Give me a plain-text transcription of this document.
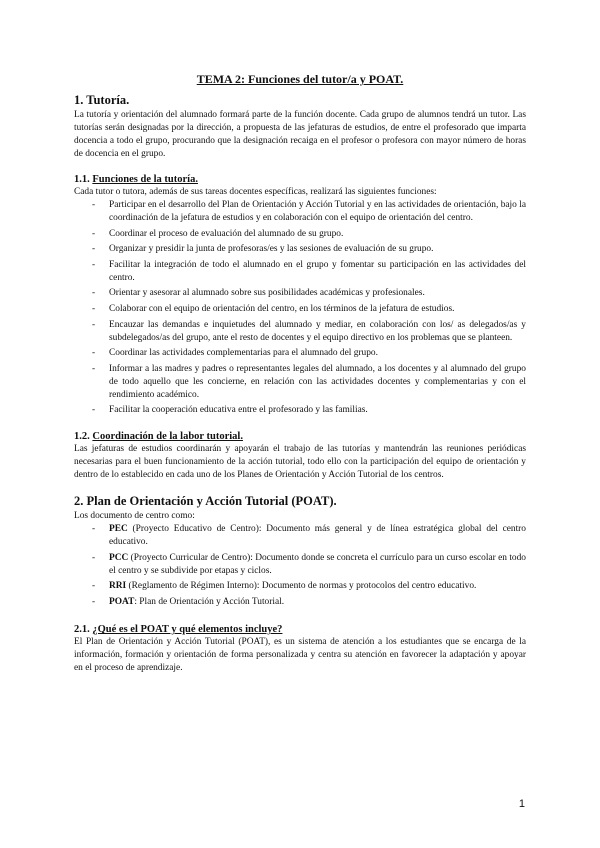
TEMA 2: Funciones del tutor/a y POAT.
1. Tutoría.

La tutoría y orientación del alumnado formará parte de la función docente. Cada grupo de alumnos tendrá un tutor. Las tutorías serán designadas por la dirección, a propuesta de las jefaturas de estudios, de entre el profesorado que imparta docencia a todo el grupo, procurando que la designación recaiga en el profesor o profesora con mayor número de horas de docencia en el grupo.

1.1. Funciones de la tutoría.

Cada tutor o tutora, además de sus tareas docentes específicas, realizará las siguientes funciones:

- Participar en el desarrollo del Plan de Orientación y Acción Tutorial y en las actividades de orientación, bajo la coordinación de la jefatura de estudios y en colaboración con el equipo de orientación del centro.
- Coordinar el proceso de evaluación del alumnado de su grupo.
- Organizar y presidir la junta de profesoras/es y las sesiones de evaluación de su grupo.
- Facilitar la integración de todo el alumnado en el grupo y fomentar su participación en las actividades del centro.
- Orientar y asesorar al alumnado sobre sus posibilidades académicas y profesionales.
- Colaborar con el equipo de orientación del centro, en los términos de la jefatura de estudios.
- Encauzar las demandas e inquietudes del alumnado y mediar, en colaboración con los/ as delegados/as y subdelegados/as del grupo, ante el resto de docentes y el equipo directivo en los problemas que se planteen.
- Coordinar las actividades complementarias para el alumnado del grupo.
- Informar a las madres y padres o representantes legales del alumnado, a los docentes y al alumnado del grupo de todo aquello que les concierne, en relación con las actividades docentes y complementarias y con el rendimiento académico.
- Facilitar la cooperación educativa entre el profesorado y las familias.
1.2. Coordinación de la labor tutorial.

Las jefaturas de estudios coordinarán y apoyarán el trabajo de las tutorías y mantendrán las reuniones periódicas necesarias para el buen funcionamiento de la acción tutorial, todo ello con la participación del equipo de orientación y dentro de lo establecido en cada uno de los Planes de Orientación y Acción Tutorial de los centros.

2. Plan de Orientación y Acción Tutorial (POAT).

Los documento de centro como:

- PEC (Proyecto Educativo de Centro): Documento más general y de línea estratégica global del centro educativo.
- PCC (Proyecto Curricular de Centro): Documento donde se concreta el currículo para un curso escolar en todo el centro y se subdivide por etapas y ciclos.
- RRI (Reglamento de Régimen Interno): Documento de normas y protocolos del centro educativo.
- POAT: Plan de Orientación y Acción Tutorial.
2.1. ¿Qué es el POAT y qué elementos incluye?

El Plan de Orientación y Acción Tutorial (POAT), es un sistema de atención a los estudiantes que se encarga de la información, formación y orientación de forma personalizada y centra su atención en favorecer la adaptación y apoyar en el proceso de aprendizaje.

1
